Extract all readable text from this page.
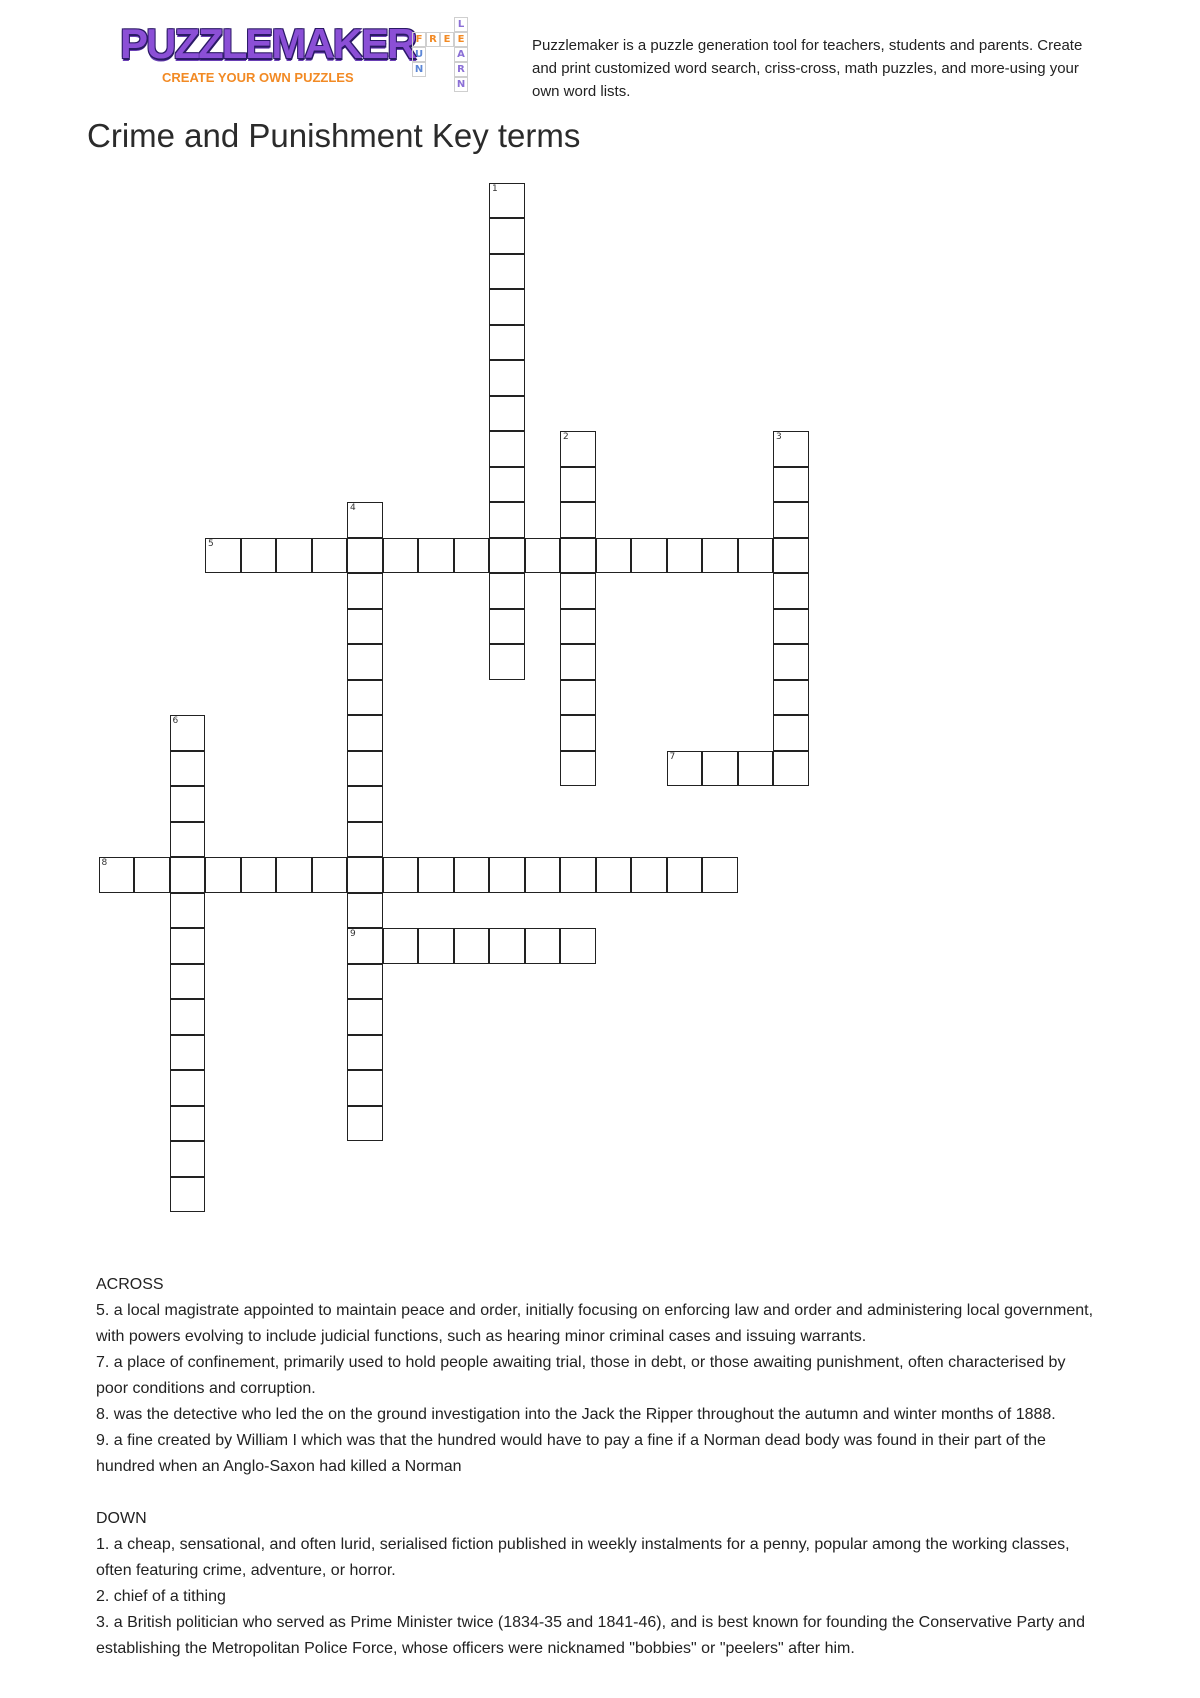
PUZZLEMAKER
CREATE YOUR OWN PUZZLES
F R E E
U
N
L
A
R
N

Puzzlemaker is a puzzle generation tool for teachers, students and parents. Create and print customized word search, criss-cross, math puzzles, and more-using your own word lists.

Crime and Punishment Key terms
1
2	3
4
9
5
6
7
8

ACROSS

5. a local magistrate appointed to maintain peace and order, initially focusing on enforcing law and order and administering local government, with powers evolving to include judicial functions, such as hearing minor criminal cases and issuing warrants.

7. a place of confinement, primarily used to hold people awaiting trial, those in debt, or those awaiting punishment, often characterised by poor conditions and corruption.

8. was the detective who led the on the ground investigation into the Jack the Ripper throughout the autumn and winter months of 1888.

9. a fine created by William I which was that the hundred would have to pay a fine if a Norman dead body was found in their part of the hundred when an Anglo-Saxon had killed a Norman

DOWN

1. a cheap, sensational, and often lurid, serialised fiction published in weekly instalments for a penny, popular among the working classes, often featuring crime, adventure, or horror.

2. chief of a tithing

3. a British politician who served as Prime Minister twice (1834-35 and 1841-46), and is best known for founding the Conservative Party and establishing the Metropolitan Police Force, whose officers were nicknamed "bobbies" or "peelers" after him.
